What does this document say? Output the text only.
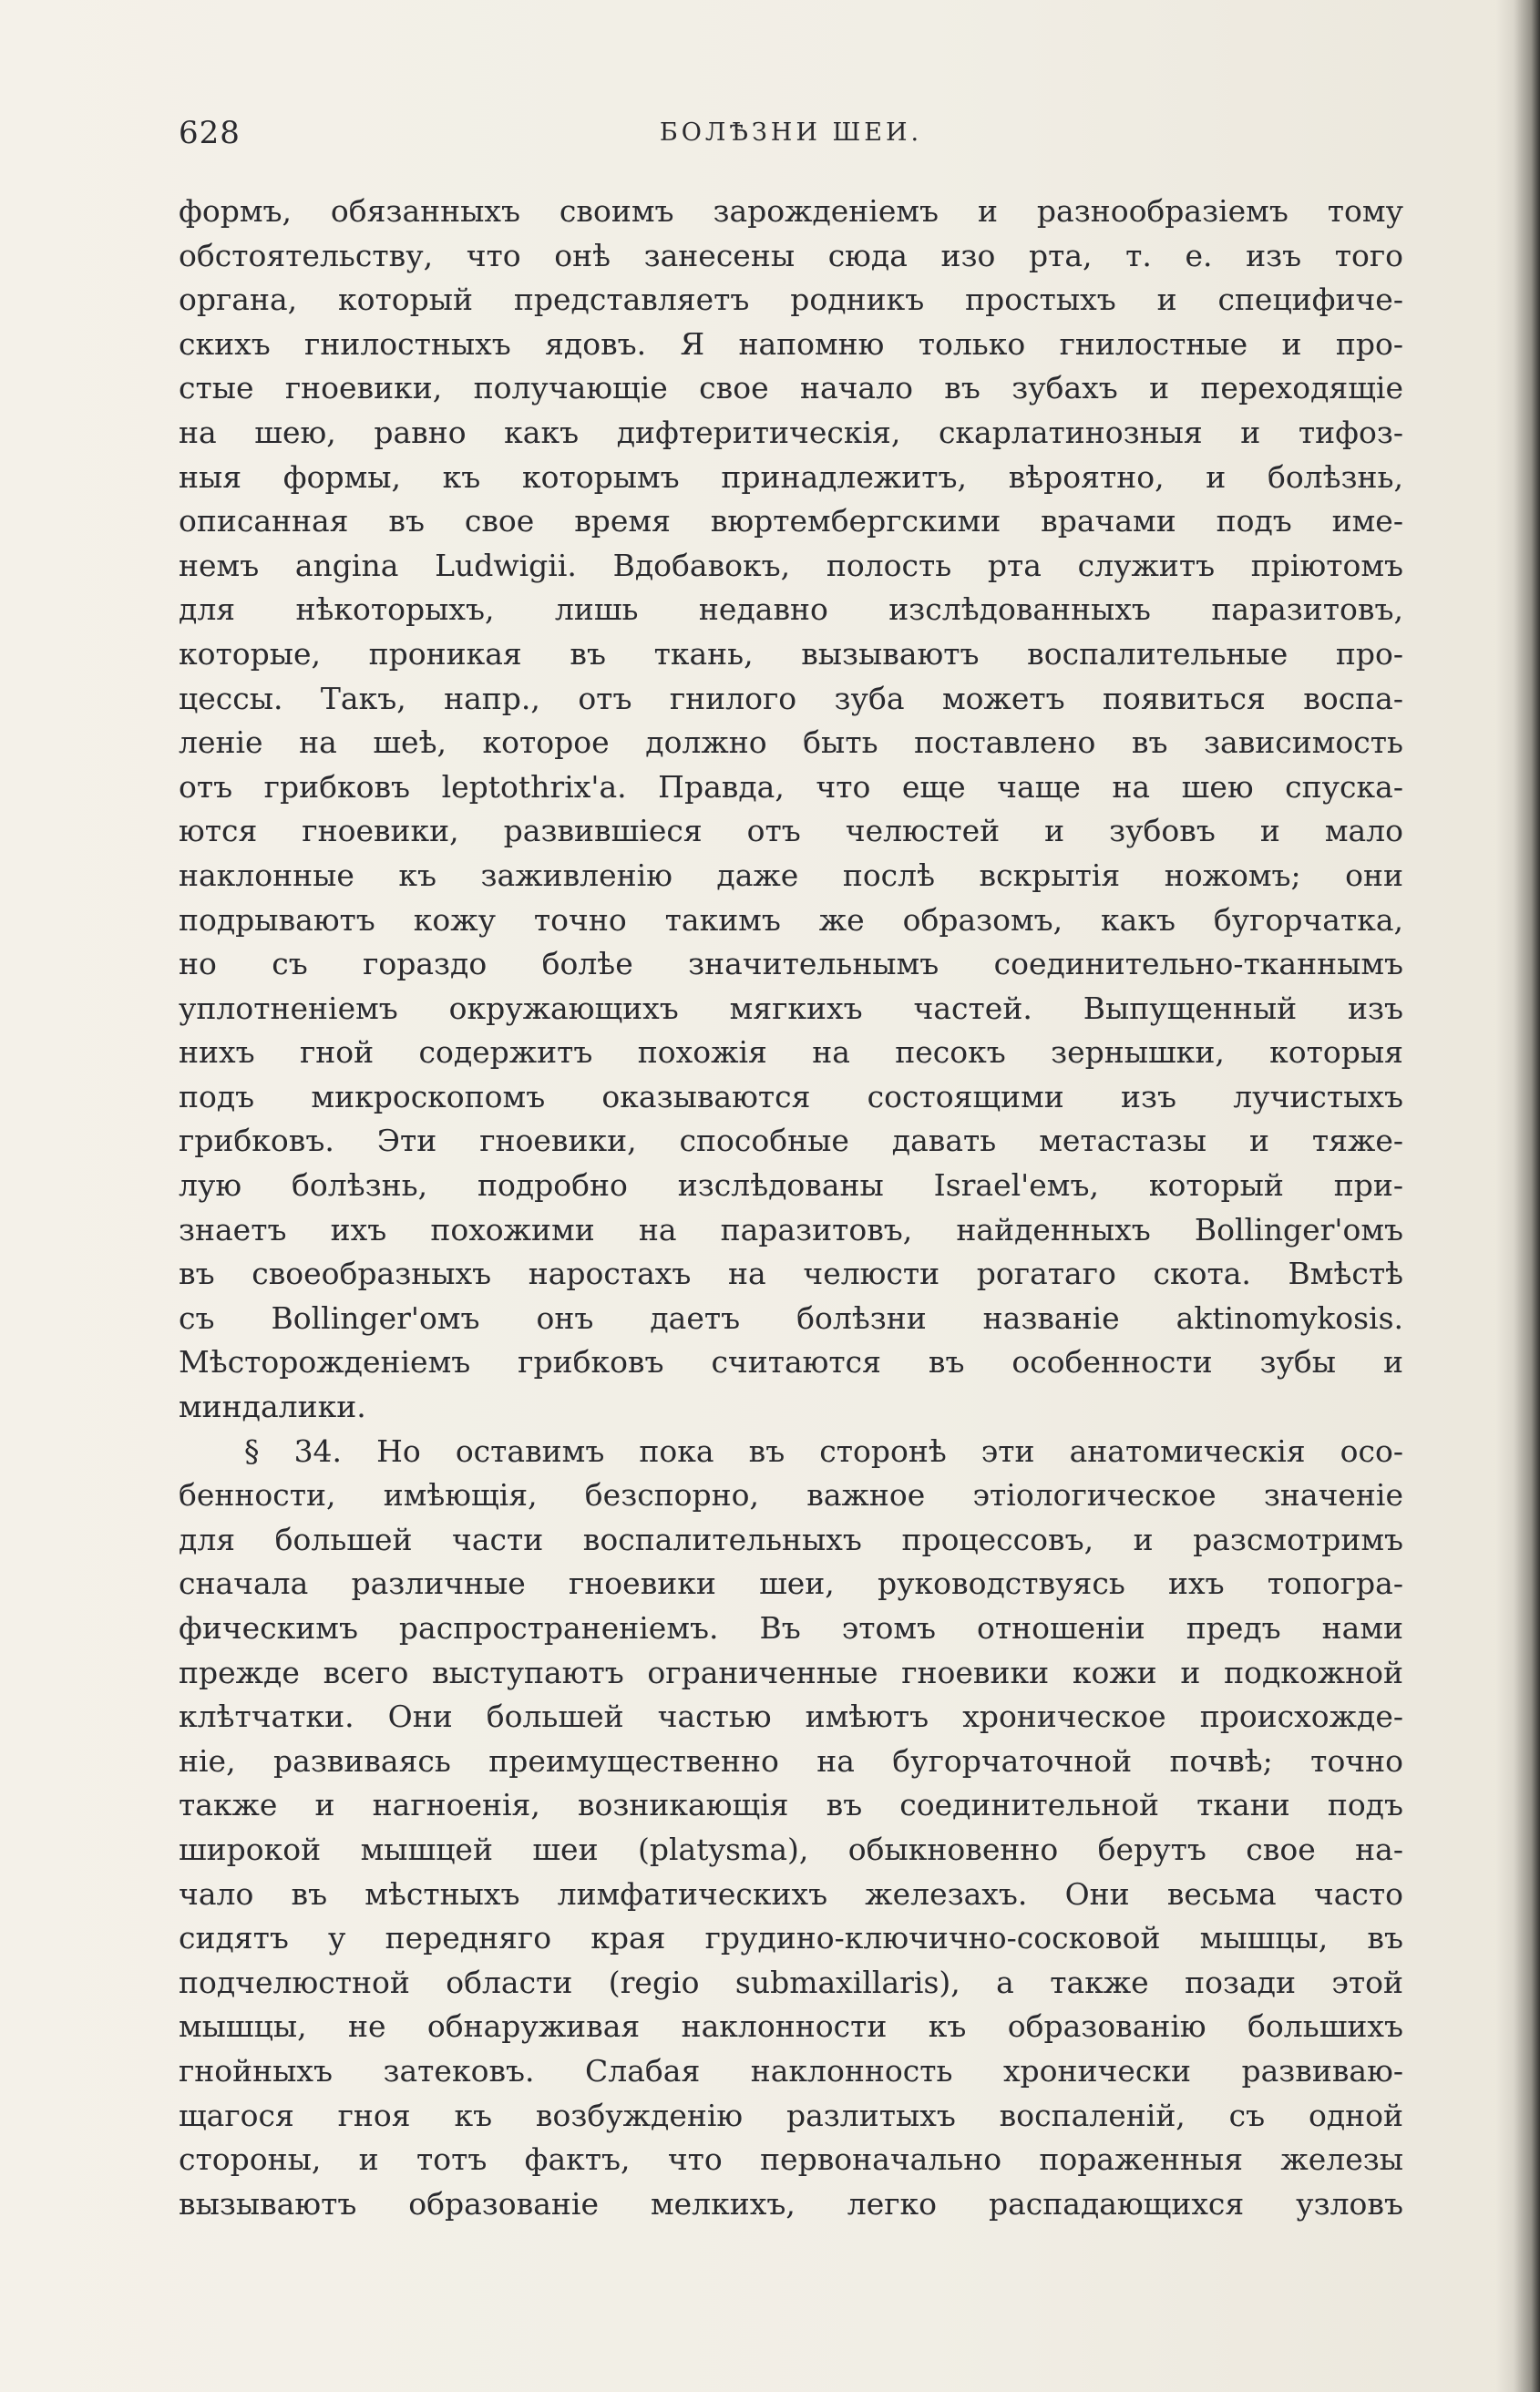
628	БОЛѢЗНИ ШЕИ.
формъ, обязанныхъ своимъ зарожденіемъ и разнообразіемъ тому
обстоятельству, что онѣ занесены сюда изо рта, т. е. изъ того
органа, который представляетъ родникъ простыхъ и специфиче-
скихъ гнилостныхъ ядовъ. Я напомню только гнилостные и про-
стые гноевики, получающіе свое начало въ зубахъ и переходящіе
на шею, равно какъ дифтеритическія, скарлатинозныя и тифоз-
ныя формы, къ которымъ принадлежитъ, вѣроятно, и болѣзнь,
описанная въ свое время вюртембергскими врачами подъ име-
немъ angina Ludwigii. Вдобавокъ, полость рта служитъ пріютомъ
для нѣкоторыхъ, лишь недавно изслѣдованныхъ паразитовъ,
которые, проникая въ ткань, вызываютъ воспалительные про-
цессы. Такъ, напр., отъ гнилого зуба можетъ появиться воспа-
леніе на шеѣ, которое должно быть поставлено въ зависимость
отъ грибковъ leptothrix'а. Правда, что еще чаще на шею спуска-
ются гноевики, развившіеся отъ челюстей и зубовъ и мало
наклонные къ заживленію даже послѣ вскрытія ножомъ; они
подрываютъ кожу точно такимъ же образомъ, какъ бугорчатка,
но съ гораздо болѣе значительнымъ соединительно-тканнымъ
уплотненіемъ окружающихъ мягкихъ частей. Выпущенный изъ
нихъ гной содержитъ похожія на песокъ зернышки, которыя
подъ микроскопомъ оказываются состоящими изъ лучистыхъ
грибковъ. Эти гноевики, способные давать метастазы и тяже-
лую болѣзнь, подробно изслѣдованы Israel'емъ, который при-
знаетъ ихъ похожими на паразитовъ, найденныхъ Bollinger'омъ
въ своеобразныхъ наростахъ на челюсти рогатаго скота. Вмѣстѣ
съ Bollinger'омъ онъ даетъ болѣзни названіе aktinomykosis.
Мѣсторожденіемъ грибковъ считаются въ особенности зубы и
миндалики.
§ 34. Но оставимъ пока въ сторонѣ эти анатомическія осо-
бенности, имѣющія, безспорно, важное этіологическое значеніе
для большей части воспалительныхъ процессовъ, и разсмотримъ
сначала различные гноевики шеи, руководствуясь ихъ топогра-
фическимъ распространеніемъ. Въ этомъ отношеніи предъ нами
прежде всего выступаютъ ограниченные гноевики кожи и подкожной
клѣтчатки. Они большей частью имѣютъ хроническое происхожде-
ніе, развиваясь преимущественно на бугорчаточной почвѣ; точно
также и нагноенія, возникающія въ соединительной ткани подъ
широкой мышцей шеи (platysma), обыкновенно берутъ свое на-
чало въ мѣстныхъ лимфатическихъ железахъ. Они весьма часто
сидятъ у передняго края грудино-ключично-сосковой мышцы, въ
подчелюстной области (regio submaxillaris), а также позади этой
мышцы, не обнаруживая наклонности къ образованію большихъ
гнойныхъ затековъ. Слабая наклонность хронически развиваю-
щагося гноя къ возбужденію разлитыхъ воспаленій, съ одной
стороны, и тотъ фактъ, что первоначально пораженныя железы
вызываютъ образованіе мелкихъ, легко распадающихся узловъ
